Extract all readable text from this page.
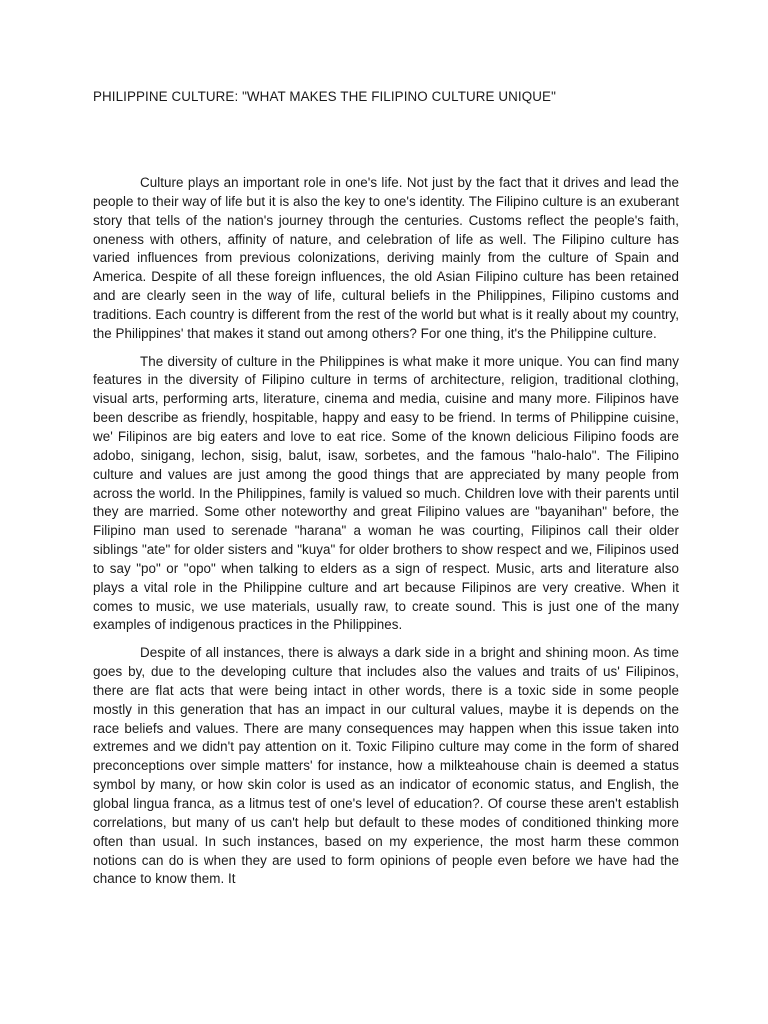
PHILIPPINE CULTURE: "WHAT MAKES THE FILIPINO CULTURE UNIQUE"

Culture plays an important role in one's life. Not just by the fact that it drives and lead the people to their way of life but it is also the key to one's identity. The Filipino culture is an exuberant story that tells of the nation's journey through the centuries. Customs reflect the people's faith, oneness with others, affinity of nature, and celebration of life as well. The Filipino culture has varied influences from previous colonizations, deriving mainly from the culture of Spain and America. Despite of all these foreign influences, the old Asian Filipino culture has been retained and are clearly seen in the way of life, cultural beliefs in the Philippines, Filipino customs and traditions. Each country is different from the rest of the world but what is it really about my country, the Philippines' that makes it stand out among others? For one thing, it's the Philippine culture.

The diversity of culture in the Philippines is what make it more unique. You can find many features in the diversity of Filipino culture in terms of architecture, religion, traditional clothing, visual arts, performing arts, literature, cinema and media, cuisine and many more. Filipinos have been describe as friendly, hospitable, happy and easy to be friend. In terms of Philippine cuisine, we' Filipinos are big eaters and love to eat rice. Some of the known delicious Filipino foods are adobo, sinigang, lechon, sisig, balut, isaw, sorbetes, and the famous "halo-halo". The Filipino culture and values are just among the good things that are appreciated by many people from across the world. In the Philippines, family is valued so much. Children love with their parents until they are married. Some other noteworthy and great Filipino values are "bayanihan" before, the Filipino man used to serenade "harana" a woman he was courting, Filipinos call their older siblings "ate" for older sisters and "kuya" for older brothers to show respect and we, Filipinos used to say "po" or "opo" when talking to elders as a sign of respect. Music, arts and literature also plays a vital role in the Philippine culture and art because Filipinos are very creative. When it comes to music, we use materials, usually raw, to create sound. This is just one of the many examples of indigenous practices in the Philippines.

Despite of all instances, there is always a dark side in a bright and shining moon. As time goes by, due to the developing culture that includes also the values and traits of us' Filipinos, there are flat acts that were being intact in other words, there is a toxic side in some people mostly in this generation that has an impact in our cultural values, maybe it is depends on the race beliefs and values. There are many consequences may happen when this issue taken into extremes and we didn't pay attention on it. Toxic Filipino culture may come in the form of shared preconceptions over simple matters' for instance, how a milkteahouse chain is deemed a status symbol by many, or how skin color is used as an indicator of economic status, and English, the global lingua franca, as a litmus test of one's level of education?. Of course these aren't establish correlations, but many of us can't help but default to these modes of conditioned thinking more often than usual. In such instances, based on my experience, the most harm these common notions can do is when they are used to form opinions of people even before we have had the chance to know them. It
